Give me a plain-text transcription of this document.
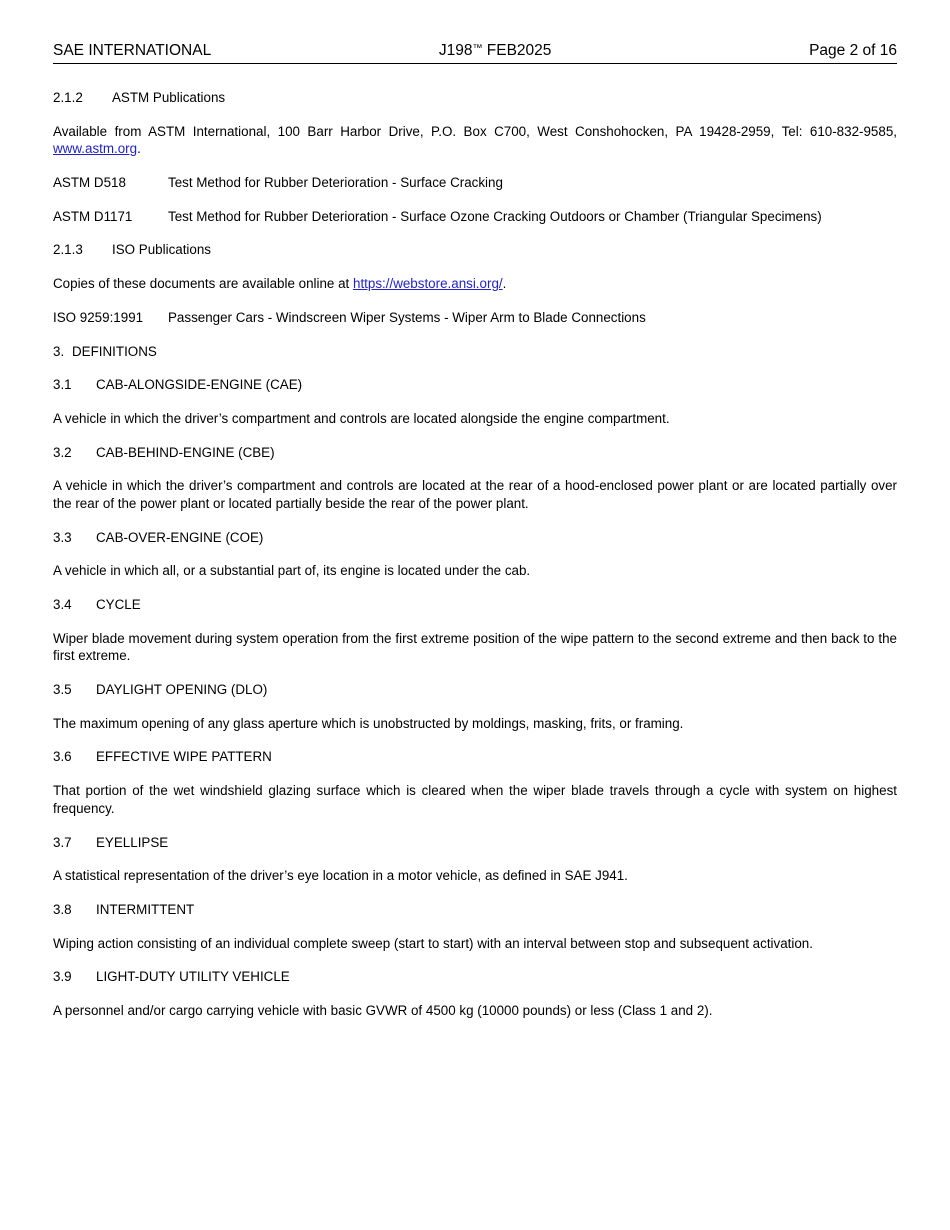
SAE INTERNATIONAL	J198™ FEB2025	Page 2 of 16
2.1.2	ASTM Publications

Available from ASTM International, 100 Barr Harbor Drive, P.O. Box C700, West Conshohocken, PA 19428-2959, Tel: 610-832-9585, www.astm.org.

ASTM D518	Test Method for Rubber Deterioration - Surface Cracking
ASTM D1171	Test Method for Rubber Deterioration - Surface Ozone Cracking Outdoors or Chamber (Triangular Specimens)
2.1.3	ISO Publications

Copies of these documents are available online at https://webstore.ansi.org/.

ISO 9259:1991	Passenger Cars - Windscreen Wiper Systems - Wiper Arm to Blade Connections
3. DEFINITIONS
3.1	CAB-ALONGSIDE-ENGINE (CAE)

A vehicle in which the driver’s compartment and controls are located alongside the engine compartment.

3.2	CAB-BEHIND-ENGINE (CBE)

A vehicle in which the driver’s compartment and controls are located at the rear of a hood-enclosed power plant or are located partially over the rear of the power plant or located partially beside the rear of the power plant.

3.3	CAB-OVER-ENGINE (COE)

A vehicle in which all, or a substantial part of, its engine is located under the cab.

3.4	CYCLE

Wiper blade movement during system operation from the first extreme position of the wipe pattern to the second extreme and then back to the first extreme.

3.5	DAYLIGHT OPENING (DLO)

The maximum opening of any glass aperture which is unobstructed by moldings, masking, frits, or framing.

3.6	EFFECTIVE WIPE PATTERN

That portion of the wet windshield glazing surface which is cleared when the wiper blade travels through a cycle with system on highest frequency.

3.7	EYELLIPSE

A statistical representation of the driver’s eye location in a motor vehicle, as defined in SAE J941.

3.8	INTERMITTENT

Wiping action consisting of an individual complete sweep (start to start) with an interval between stop and subsequent activation.

3.9	LIGHT-DUTY UTILITY VEHICLE

A personnel and/or cargo carrying vehicle with basic GVWR of 4500 kg (10000 pounds) or less (Class 1 and 2).
